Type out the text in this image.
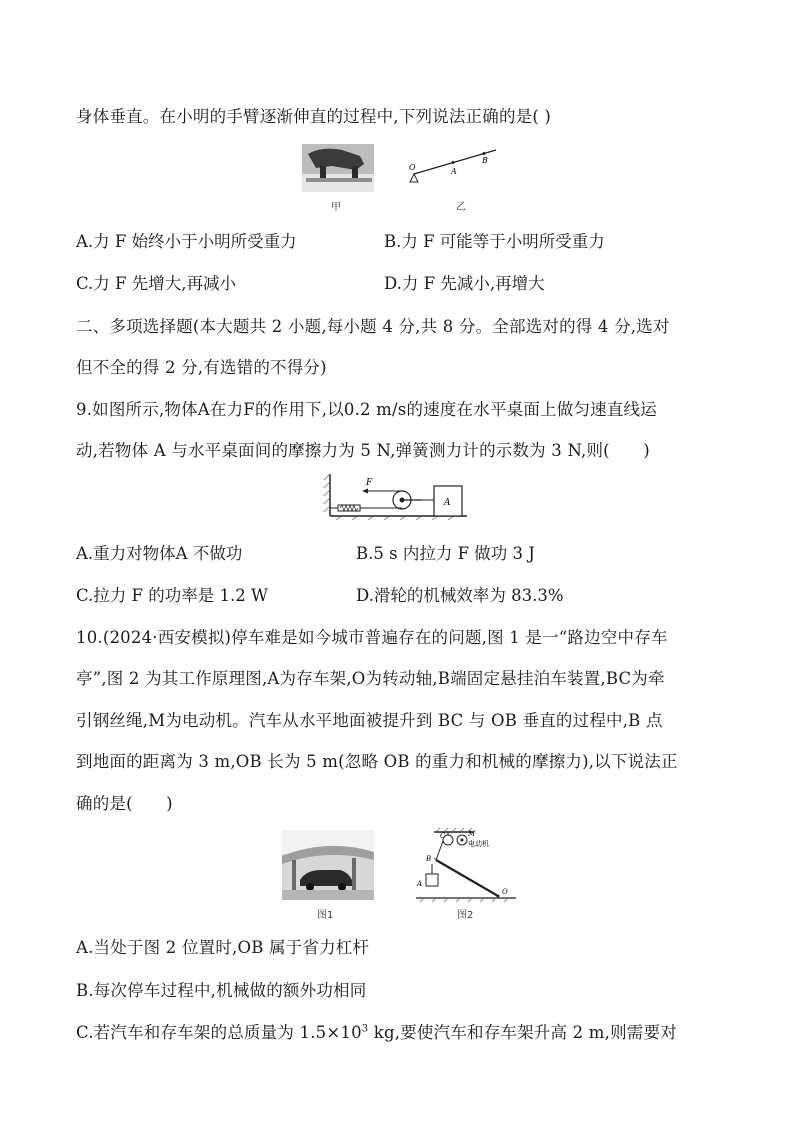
身体垂直。在小明的手臂逐渐伸直的过程中,下列说法正确的是( )
甲
O	A
B
乙
A.力 F 始终小于小明所受重力	B.力 F 可能等于小明所受重力
C.力 F 先增大,再减小	D.力 F 先减小,再增大
二、多项选择题(本大题共 2 小题,每小题 4 分,共 8 分。全部选对的得 4 分,选对
但不全的得 2 分,有选错的不得分)
9.如图所示,物体A在力F的作用下,以0.2 m/s的速度在水平桌面上做匀速直线运
动,若物体 A 与水平桌面间的摩擦力为 5 N,弹簧测力计的示数为 3 N,则(　　)
F
A
A.重力对物体A 不做功	B.5 s 内拉力 F 做功 3 J
C.拉力 F 的功率是 1.2 W	D.滑轮的机械效率为 83.3%
10.(2024·西安模拟)停车难是如今城市普遍存在的问题,图 1 是一“路边空中存车
亭”,图 2 为其工作原理图,A为存车架,O为转动轴,B端固定悬挂泊车装置,BC为牵
引钢丝绳,M为电动机。汽车从水平地面被提升到 BC 与 OB 垂直的过程中,B 点
到地面的距离为 3 m,OB 长为 5 m(忽略 OB 的重力和机械的摩擦力),以下说法正
确的是(　　)
图1
C	M
电动机
B
A
O
图2
A.当处于图 2 位置时,OB 属于省力杠杆
B.每次停车过程中,机械做的额外功相同
C.若汽车和存车架的总质量为 $1.5\times 10^3$ kg,要使汽车和存车架升高 2 m,则需要对
